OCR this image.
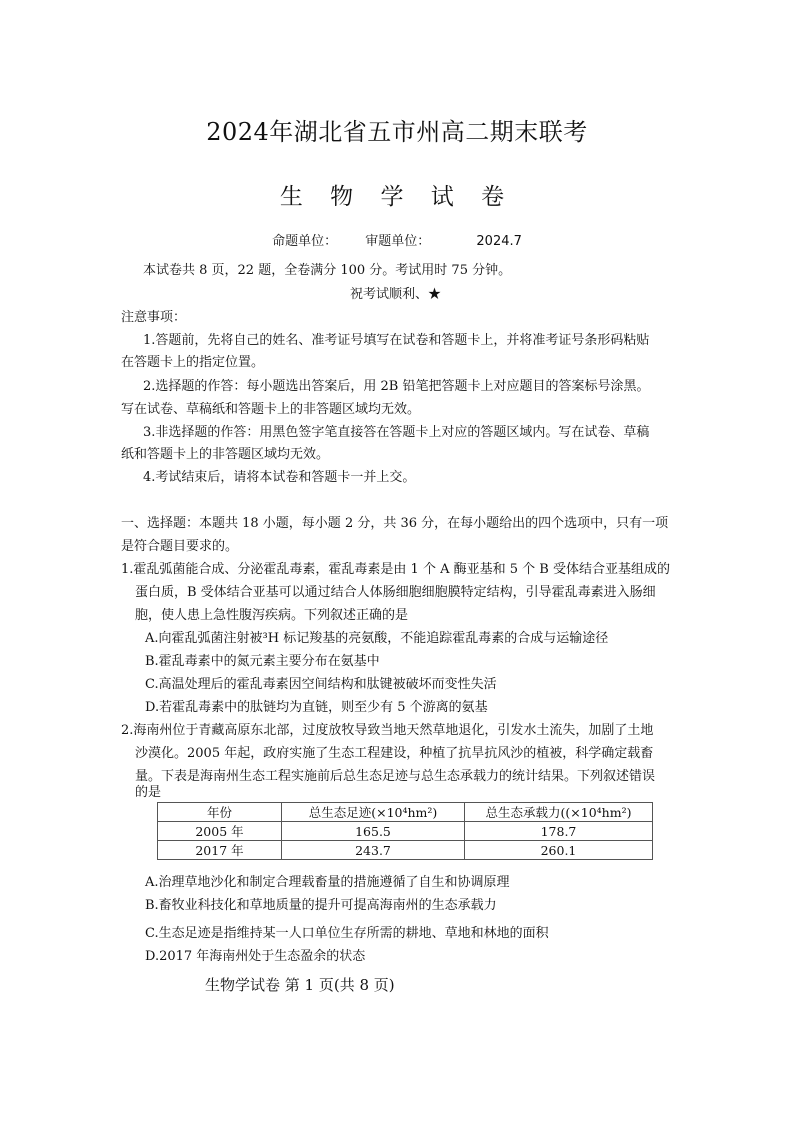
2024年湖北省五市州高二期末联考
生 物 学 试 卷
命题单位： 审题单位：	2024.7
本试卷共 8 页，22 题，全卷满分 100 分。考试用时 75 分钟。
祝考试顺利、★
注意事项：
1.答题前，先将自己的姓名、准考证号填写在试卷和答题卡上，并将准考证号条形码粘贴
在答题卡上的指定位置。
2.选择题的作答：每小题选出答案后，用 2B 铅笔把答题卡上对应题目的答案标号涂黑。
写在试卷、草稿纸和答题卡上的非答题区域均无效。
3.非选择题的作答：用黑色签字笔直接答在答题卡上对应的答题区域内。写在试卷、草稿
纸和答题卡上的非答题区域均无效。
4.考试结束后，请将本试卷和答题卡一并上交。
一、选择题：本题共 18 小题，每小题 2 分，共 36 分，在每小题给出的四个选项中，只有一项
是符合题目要求的。
1.霍乱弧菌能合成、分泌霍乱毒素，霍乱毒素是由 1 个 A 酶亚基和 5 个 B 受体结合亚基组成的
蛋白质，B 受体结合亚基可以通过结合人体肠细胞细胞膜特定结构，引导霍乱毒素进入肠细
胞，使人患上急性腹泻疾病。下列叙述正确的是
A.向霍乱弧菌注射被³H 标记羧基的亮氨酸，不能追踪霍乱毒素的合成与运输途径
B.霍乱毒素中的氮元素主要分布在氨基中
C.高温处理后的霍乱毒素因空间结构和肽键被破坏而变性失活
D.若霍乱毒素中的肽链均为直链，则至少有 5 个游离的氨基
2.海南州位于青藏高原东北部，过度放牧导致当地天然草地退化，引发水土流失，加剧了土地
沙漠化。2005 年起，政府实施了生态工程建设，种植了抗旱抗风沙的植被，科学确定载畜
量。下表是海南州生态工程实施前后总生态足迹与总生态承载力的统计结果。下列叙述错误
的是
年份	总生态足迹(×10⁴hm²)	总生态承载力((×10⁴hm²)
2005 年	165.5	178.7
2017 年	243.7	260.1
A.治理草地沙化和制定合理载畜量的措施遵循了自生和协调原理
B.畜牧业科技化和草地质量的提升可提高海南州的生态承载力
C.生态足迹是指维持某一人口单位生存所需的耕地、草地和林地的面积
D.2017 年海南州处于生态盈余的状态
生物学试卷 第 1 页(共 8 页)
